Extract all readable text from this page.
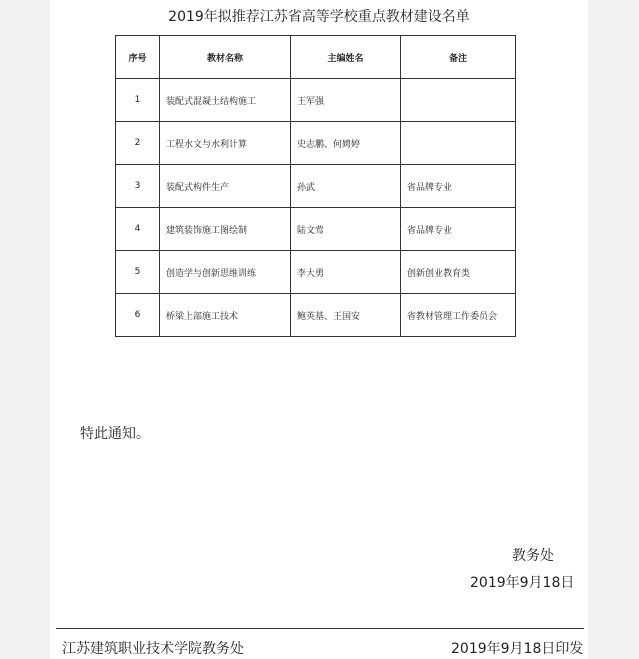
2019年拟推荐江苏省高等学校重点教材建设名单
序号	教材名称	主编姓名	备注
1	装配式混凝土结构施工	王军强	
2	工程水文与水利计算	史志鹏、何娉婷	
3	装配式构件生产	孙武	省品牌专业
4	建筑装饰施工图绘制	陆文莺	省品牌专业
5	创造学与创新思维训练	李大勇	创新创业教育类
6	桥梁上部施工技术	鲍英基、王国安	省教材管理工作委员会
特此通知。
教务处
2019年9月18日
江苏建筑职业技术学院教务处	2019年9月18日印发
